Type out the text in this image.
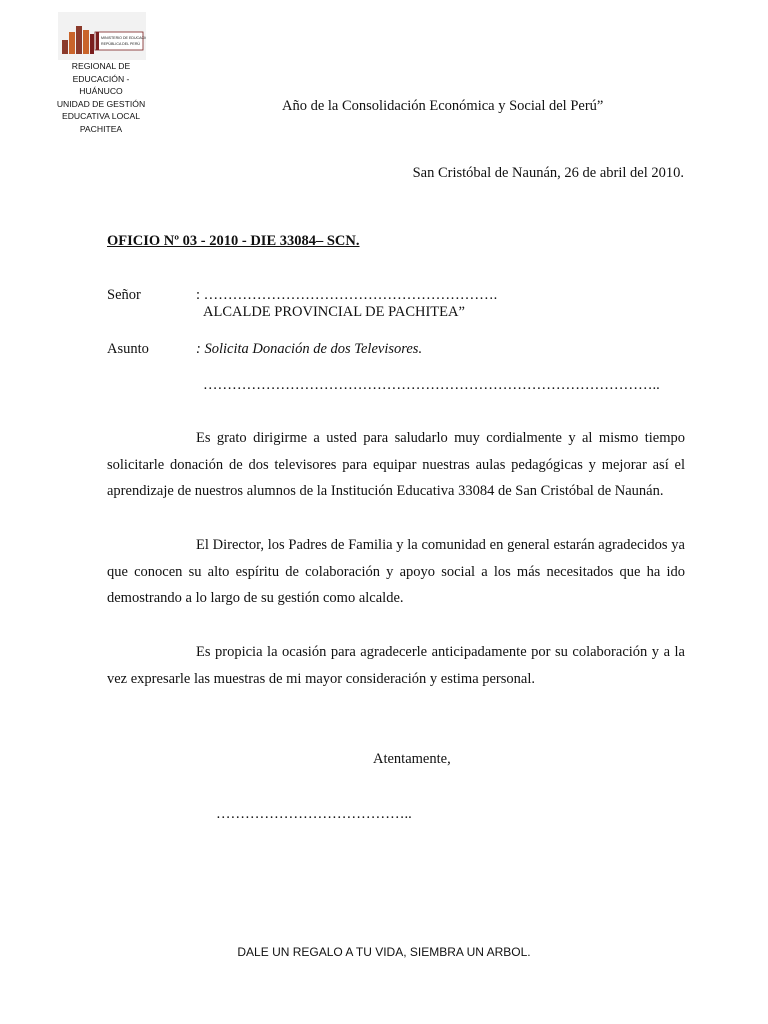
MINISTERIO DE EDUCACIÓN
REPÚBLICA DEL PERÚ
REGIONAL DE
EDUCACIÓN -
HUÁNUCO
UNIDAD DE GESTIÓN
EDUCATIVA LOCAL
PACHITEA
Año de la Consolidación Económica y Social del Perú”
San Cristóbal de Naunán, 26 de abril del 2010.
OFICIO Nº 03 - 2010 - DIE 33084– SCN.
Señor	: …………………………………………………….
ALCALDE PROVINCIAL DE PACHITEA”
Asunto	: Solicita Donación de dos Televisores.
…………………………………………………………………………………..

Es grato dirigirme a usted para saludarlo muy cordialmente y al mismo tiempo solicitarle donación de dos televisores para equipar nuestras aulas pedagógicas y mejorar así el aprendizaje de nuestros alumnos de la Institución Educativa 33084 de San Cristóbal de Naunán.

El Director, los Padres de Familia y la comunidad en general estarán agradecidos ya que conocen su alto espíritu de colaboración y apoyo social a los más necesitados que ha ido demostrando a lo largo de su gestión como alcalde.

Es propicia la ocasión para agradecerle anticipadamente por su colaboración y a la vez expresarle las muestras de mi mayor consideración y estima personal.

Atentamente,
…………………………………..
DALE UN REGALO A TU VIDA, SIEMBRA UN ARBOL.
